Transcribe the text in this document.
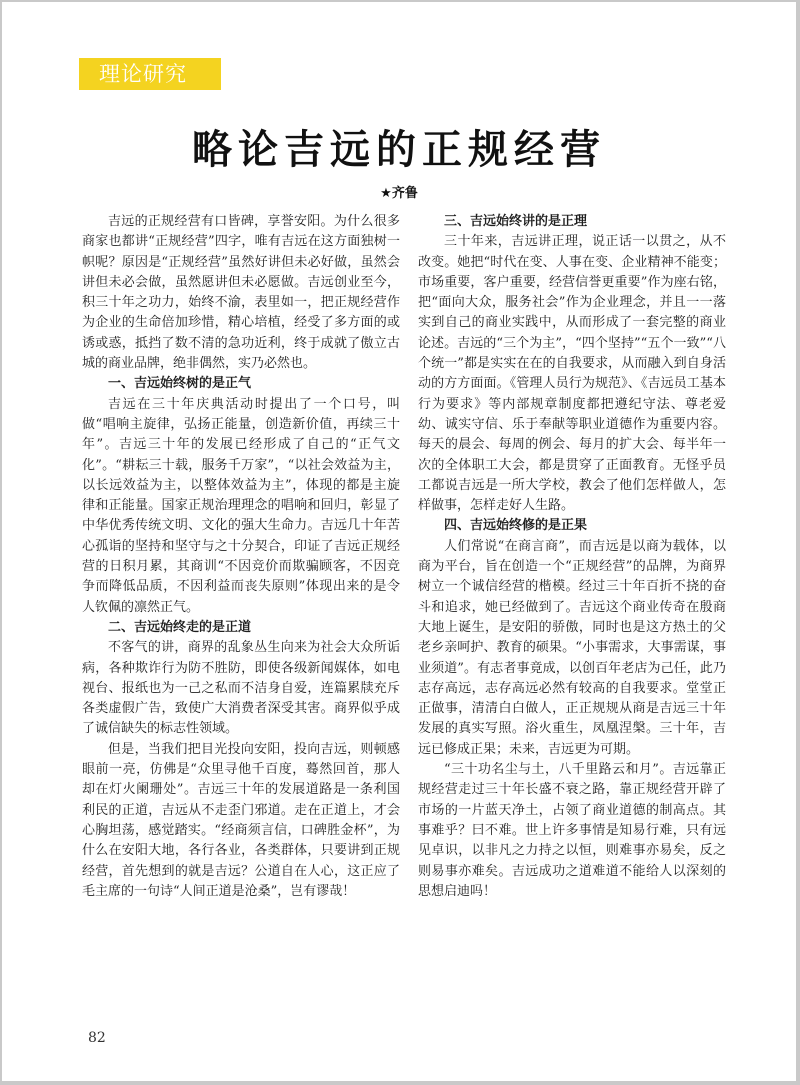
理论研究
略论吉远的正规经营
★齐鲁

吉远的正规经营有口皆碑，享誉安阳。为什么很多商家也都讲“正规经营”四字，唯有吉远在这方面独树一帜呢？原因是“正规经营”虽然好讲但未必好做，虽然会讲但未必会做，虽然愿讲但未必愿做。吉远创业至今，积三十年之功力，始终不渝，表里如一，把正规经营作为企业的生命倍加珍惜，精心培植，经受了多方面的或诱或惑，抵挡了数不清的急功近利，终于成就了傲立古城的商业品牌，绝非偶然，实乃必然也。

一、吉远始终树的是正气

吉远在三十年庆典活动时提出了一个口号，叫做“唱响主旋律，弘扬正能量，创造新价值，再续三十年”。吉远三十年的发展已经形成了自己的“正气文化”。“耕耘三十载，服务千万家”，“以社会效益为主，以长远效益为主，以整体效益为主”，体现的都是主旋律和正能量。国家正规治理理念的唱响和回归，彰显了中华优秀传统文明、文化的强大生命力。吉远几十年苦心孤诣的坚持和坚守与之十分契合，印证了吉远正规经营的日积月累，其商训“不因竞价而欺骗顾客，不因竞争而降低品质，不因利益而丧失原则”体现出来的是令人钦佩的凛然正气。

二、吉远始终走的是正道

不客气的讲，商界的乱象丛生向来为社会大众所诟病，各种欺诈行为防不胜防，即使各级新闻媒体，如电视台、报纸也为一己之私而不洁身自爱，连篇累牍充斥各类虚假广告，致使广大消费者深受其害。商界似乎成了诚信缺失的标志性领域。

但是，当我们把目光投向安阳，投向吉远，则顿感眼前一亮，仿佛是“众里寻他千百度，蓦然回首，那人却在灯火阑珊处”。吉远三十年的发展道路是一条利国利民的正道，吉远从不走歪门邪道。走在正道上，才会心胸坦荡，感觉踏实。“经商须言信，口碑胜金杯”，为什么在安阳大地，各行各业，各类群体，只要讲到正规经营，首先想到的就是吉远？公道自在人心，这正应了毛主席的一句诗“人间正道是沧桑”，岂有谬哉！

三、吉远始终讲的是正理

三十年来，吉远讲正理，说正话一以贯之，从不改变。她把“时代在变、人事在变、企业精神不能变；市场重要，客户重要，经营信誉更重要”作为座右铭，把“面向大众，服务社会”作为企业理念，并且一一落实到自己的商业实践中，从而形成了一套完整的商业论述。吉远的“三个为主”，“四个坚持”“五个一致”“八个统一”都是实实在在的自我要求，从而融入到自身活动的方方面面。《管理人员行为规范》、《吉远员工基本行为要求》等内部规章制度都把遵纪守法、尊老爱幼、诚实守信、乐于奉献等职业道德作为重要内容。每天的晨会、每周的例会、每月的扩大会、每半年一次的全体职工大会，都是贯穿了正面教育。无怪乎员工都说吉远是一所大学校，教会了他们怎样做人，怎样做事，怎样走好人生路。

四、吉远始终修的是正果

人们常说“在商言商”，而吉远是以商为载体，以商为平台，旨在创造一个“正规经营”的品牌，为商界树立一个诚信经营的楷模。经过三十年百折不挠的奋斗和追求，她已经做到了。吉远这个商业传奇在殷商大地上诞生，是安阳的骄傲，同时也是这方热土的父老乡亲呵护、教育的硕果。“小事需求，大事需谋，事业须道”。有志者事竟成，以创百年老店为己任，此乃志存高远，志存高远必然有较高的自我要求。堂堂正正做事，清清白白做人，正正规规从商是吉远三十年发展的真实写照。浴火重生，凤凰涅槃。三十年，吉远已修成正果；未来，吉远更为可期。

“三十功名尘与土，八千里路云和月”。吉远靠正规经营走过三十年长盛不衰之路，靠正规经营开辟了市场的一片蓝天净土，占领了商业道德的制高点。其事难乎？曰不难。世上许多事情是知易行难，只有远见卓识，以非凡之力持之以恒，则难事亦易矣，反之则易事亦难矣。吉远成功之道难道不能给人以深刻的思想启迪吗！

82
